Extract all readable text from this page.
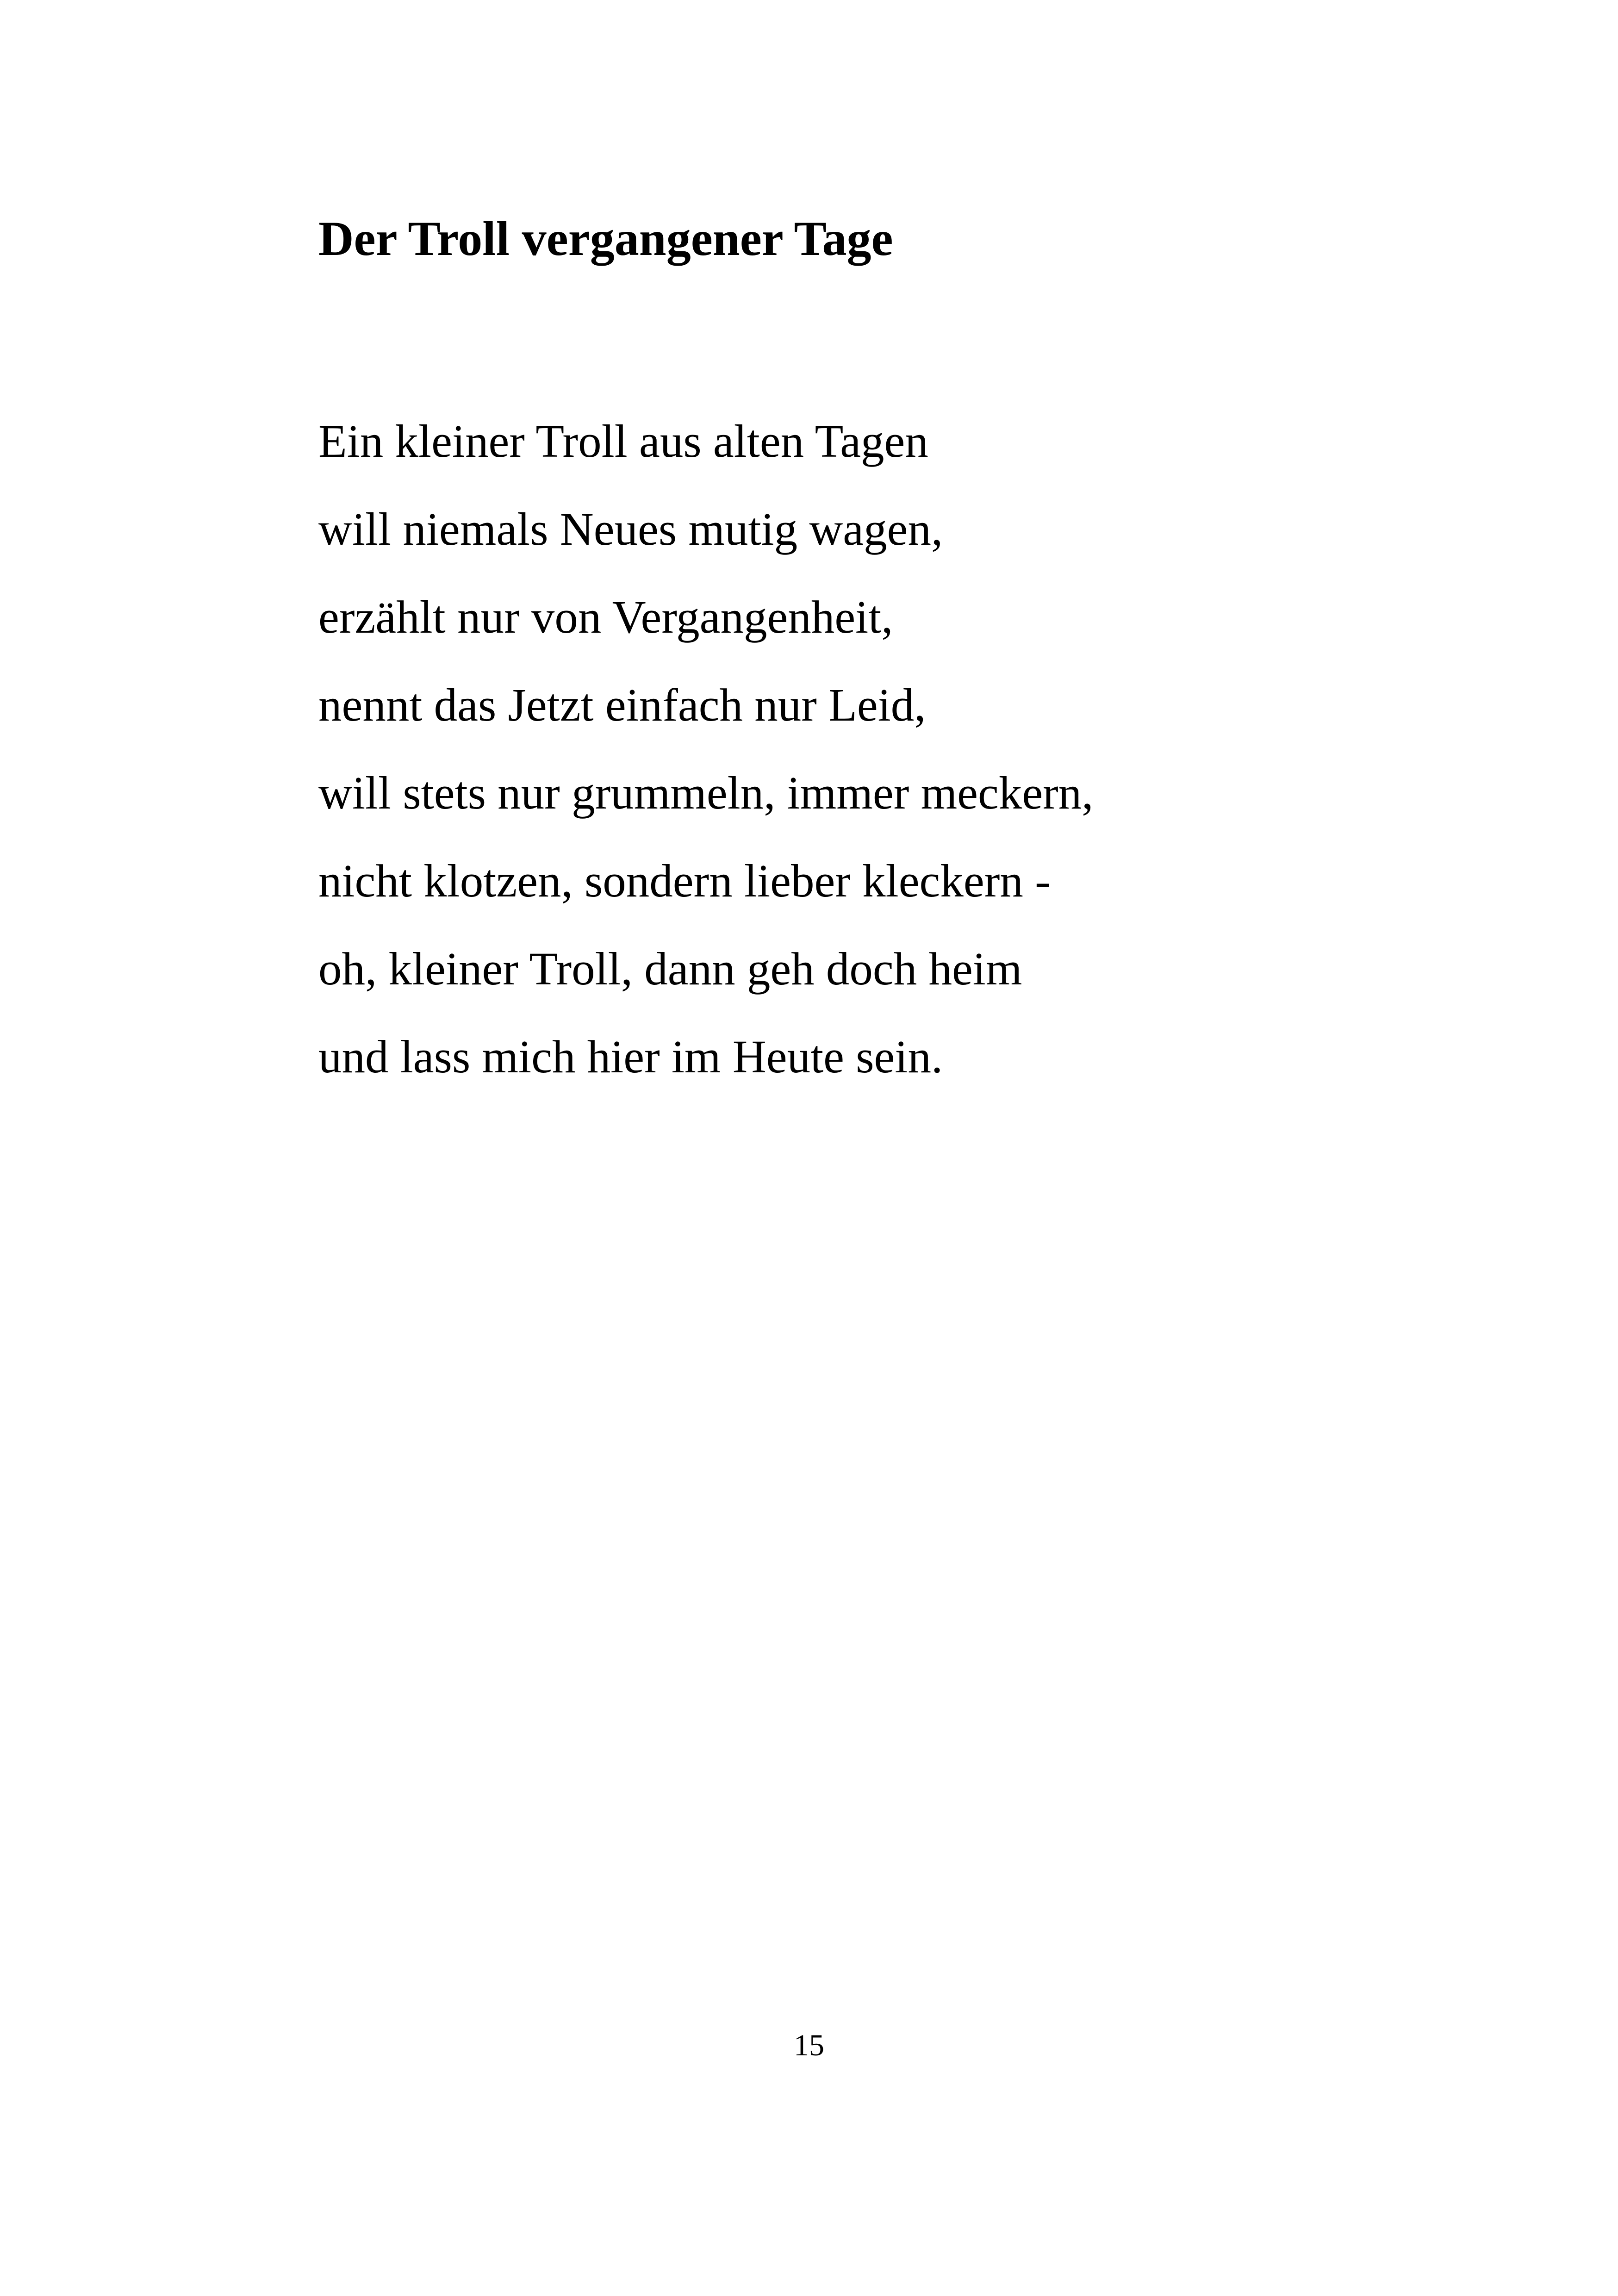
Der Troll vergangener Tage
Ein kleiner Troll aus alten Tagen
will niemals Neues mutig wagen,
erzählt nur von Vergangenheit,
nennt das Jetzt einfach nur Leid,
will stets nur grummeln, immer meckern,
nicht klotzen, sondern lieber kleckern -
oh, kleiner Troll, dann geh doch heim
und lass mich hier im Heute sein.
15
